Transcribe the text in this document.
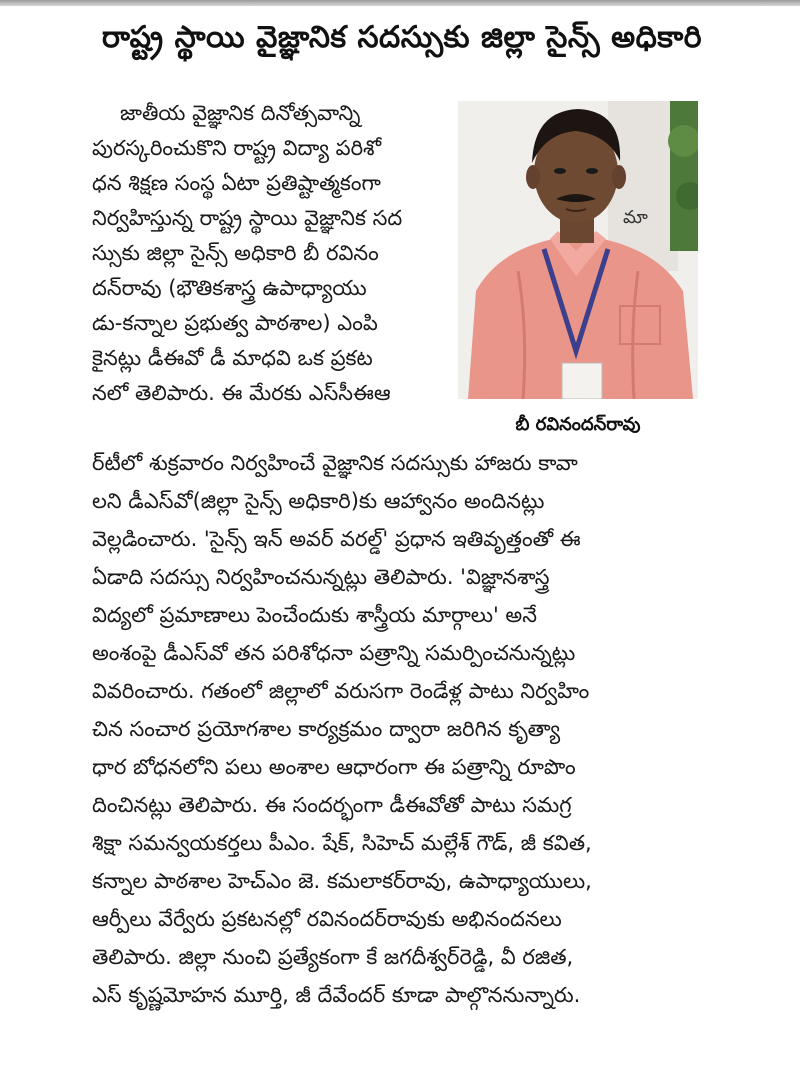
రాష్ట్ర స్థాయి వైజ్ఞానిక సదస్సుకు జిల్లా సైన్స్ అధికారి
మా
బీ రవినందన్‌రావు
జాతీయ వైజ్ఞానిక దినోత్సవాన్ని
పురస్కరించుకొని రాష్ట్ర విద్యా పరిశో
ధన శిక్షణ సంస్థ ఏటా ప్రతిష్టాత్మకంగా
నిర్వహిస్తున్న రాష్ట్ర స్థాయి వైజ్ఞానిక సద
స్సుకు జిల్లా సైన్స్ అధికారి బీ రవినం
దన్‌రావు (భౌతికశాస్త్ర ఉపాధ్యాయు
డు-కన్నాల ప్రభుత్వ పాఠశాల) ఎంపి
కైనట్లు డీఈవో డీ మాధవి ఒక ప్రకట
నలో తెలిపారు. ఈ మేరకు ఎస్‌సీఈఆ
ర్‌టీలో శుక్రవారం నిర్వహించే వైజ్ఞానిక సదస్సుకు హాజరు కావా
లని డీఎస్‌వో(జిల్లా సైన్స్ అధికారి)కు ఆహ్వానం అందినట్లు
వెల్లడించారు. 'సైన్స్ ఇన్ అవర్ వరల్డ్' ప్రధాన ఇతివృత్తంతో ఈ
ఏడాది సదస్సు నిర్వహించనున్నట్లు తెలిపారు. 'విజ్ఞానశాస్త్ర
విద్యలో ప్రమాణాలు పెంచేందుకు శాస్త్రీయ మార్గాలు' అనే
అంశంపై డీఎస్‌వో తన పరిశోధనా పత్రాన్ని సమర్పించనున్నట్లు
వివరించారు. గతంలో జిల్లాలో వరుసగా రెండేళ్ల పాటు నిర్వహిం
చిన సంచార ప్రయోగశాల కార్యక్రమం ద్వారా జరిగిన కృత్యా
ధార బోధనలోని పలు అంశాల ఆధారంగా ఈ పత్రాన్ని రూపొం
దించినట్లు తెలిపారు. ఈ సందర్భంగా డీఈవోతో పాటు సమగ్ర
శిక్షా సమన్వయకర్తలు పీఎం. షేక్, సిహెచ్ మల్లేశ్ గౌడ్, జీ కవిత,
కన్నాల పాఠశాల హెచ్ఎం జె. కమలాకర్‌రావు, ఉపాధ్యాయులు,
ఆర్పీలు వేర్వేరు ప్రకటనల్లో రవినందర్‌రావుకు అభినందనలు
తెలిపారు. జిల్లా నుంచి ప్రత్యేకంగా కే జగదీశ్వర్‌రెడ్డి, వీ రజిత,
ఎస్ కృష్ణమోహన మూర్తి, జీ దేవేందర్ కూడా పాల్గొననున్నారు.
